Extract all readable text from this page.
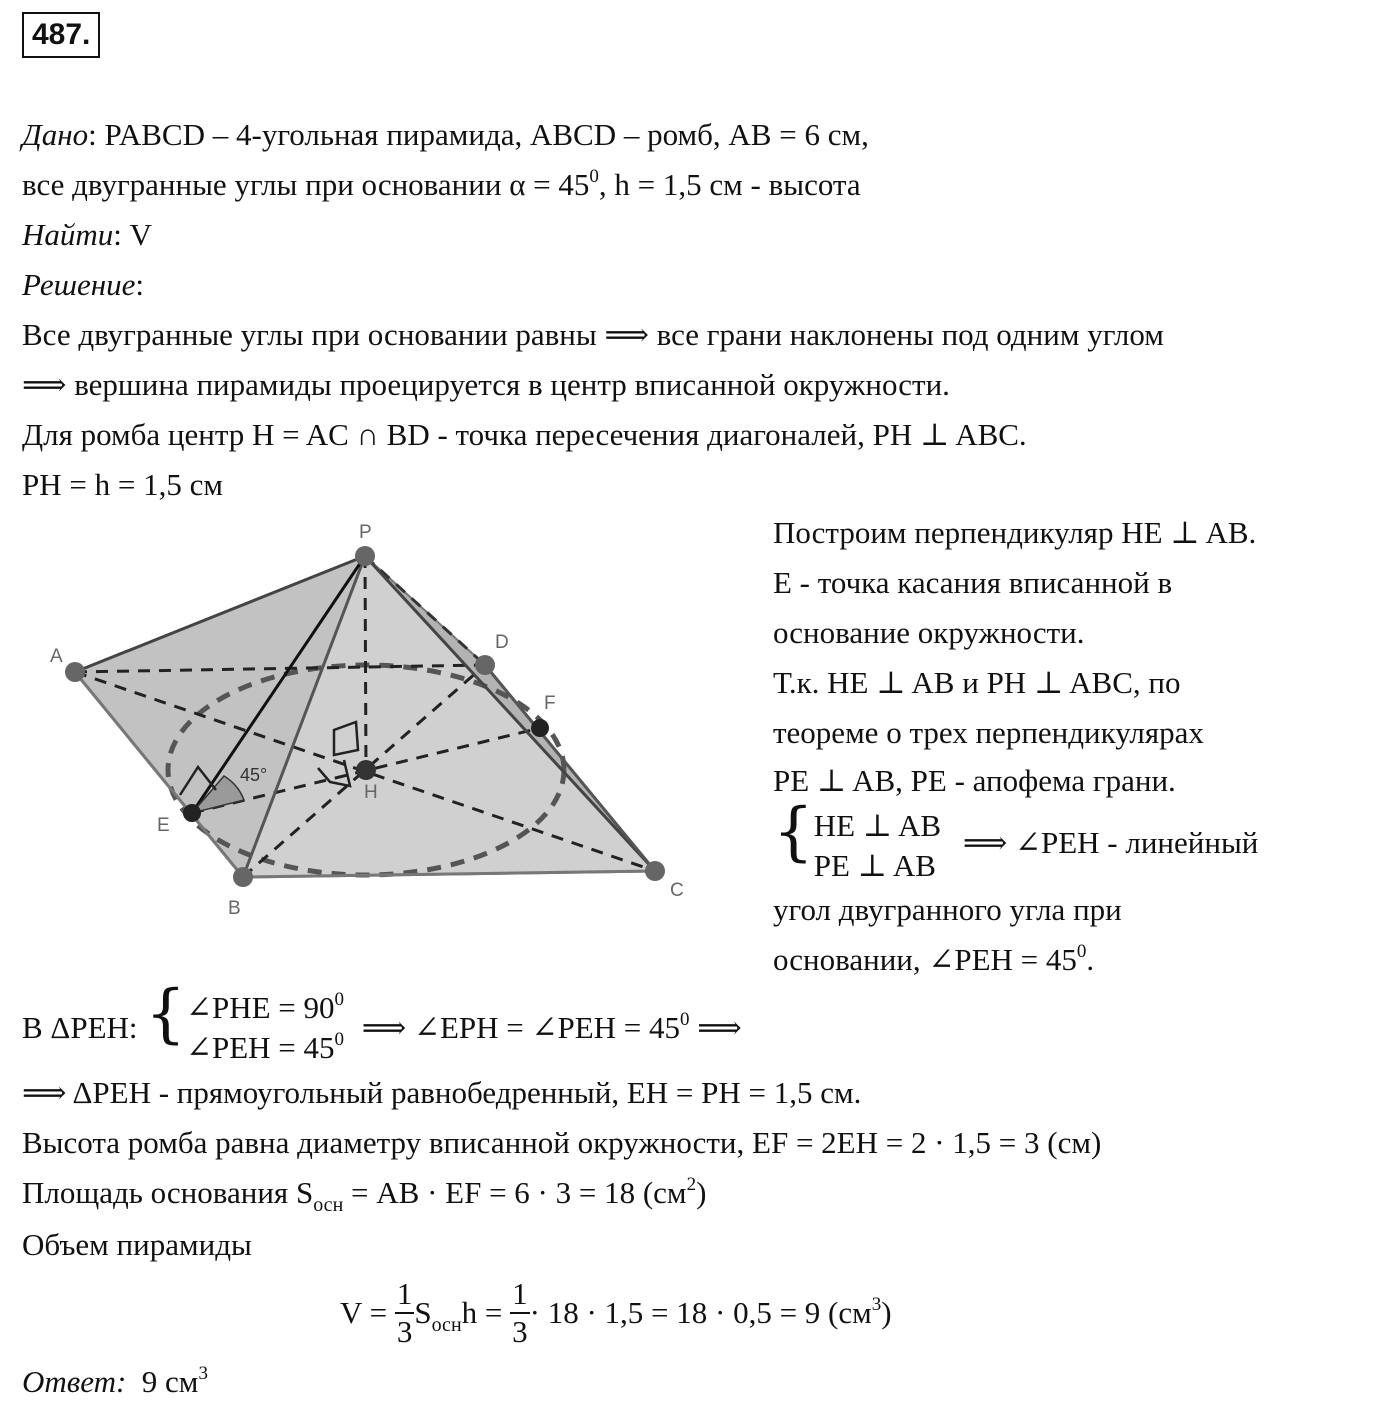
487.
Дано: PABCD – 4-угольная пирамида, ABCD – ромб, AB = 6 см,
все двугранные углы при основании $\alpha = 45^0$, h = 1,5 см - высота
Найти: V
Решение:
Все двугранные углы при основании равны ⟹ все грани наклонены под одним углом
⟹ вершина пирамиды проецируется в центр вписанной окружности.
Для ромба центр H = AC ∩ BD - точка пересечения диагоналей, PH ⊥ ABC.
PH = h = 1,5 см
P
A
D
F
H
E
B
C
45°
Построим перпендикуляр HE ⊥ AB.
E - точка касания вписанной в
основание окружности.
Т.к. HE ⊥ AB и PH ⊥ ABC, по
теореме о трех перпендикулярах
PE ⊥ AB, PE - апофема грани.
{ HE ⊥ AB
PE ⊥ AB
⟹ ∠PEH - линейный
угол двугранного угла при
основании, ∠PEH = $45^0$.
В ΔPEH: { ∠PHE = $90^0$
∠PEH = $45^0$ ⟹ ∠EPH = ∠PEH = $45^0$ ⟹
⟹ ΔPEH - прямоугольный равнобедренный, EH = PH = 1,5 см.
Высота ромба равна диаметру вписанной окружности, EF = 2EH = 2 · 1,5 = 3 (см)
Площадь основания $S_{осн}$ = AB · EF = 6 · 3 = 18 $(см^2)$
Объем пирамиды
$V = \frac{1}{3} S_{осн}h = \frac{1}{3} \cdot 18 \cdot 1,5 = 18 \cdot 0,5 = 9$ $(см^3)$
Ответ: 9 $см^3$
